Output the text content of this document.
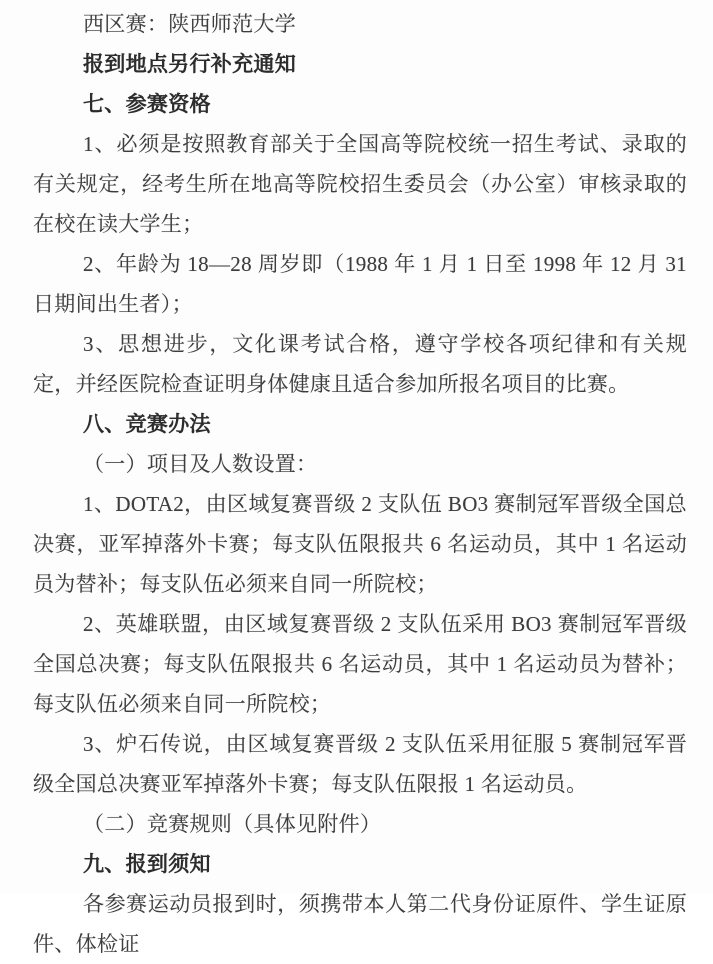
西区赛：陕西师范大学

报到地点另行补充通知

七、参赛资格

1、必须是按照教育部关于全国高等院校统一招生考试、录取的有关规定，经考生所在地高等院校招生委员会（办公室）审核录取的在校在读大学生；

2、年龄为 18—28 周岁即（1988 年 1 月 1 日至 1998 年 12 月 31 日期间出生者）；

3、思想进步，文化课考试合格，遵守学校各项纪律和有关规定，并经医院检查证明身体健康且适合参加所报名项目的比赛。

八、竞赛办法

（一）项目及人数设置：

1、DOTA2，由区域复赛晋级 2 支队伍 BO3 赛制冠军晋级全国总决赛，亚军掉落外卡赛；每支队伍限报共 6 名运动员，其中 1 名运动员为替补；每支队伍必须来自同一所院校；

2、英雄联盟，由区域复赛晋级 2 支队伍采用 BO3 赛制冠军晋级全国总决赛；每支队伍限报共 6 名运动员，其中 1 名运动员为替补；每支队伍必须来自同一所院校；

3、炉石传说，由区域复赛晋级 2 支队伍采用征服 5 赛制冠军晋级全国总决赛亚军掉落外卡赛；每支队伍限报 1 名运动员。

（二）竞赛规则（具体见附件）

九、报到须知

各参赛运动员报到时，须携带本人第二代身份证原件、学生证原件、体检证
